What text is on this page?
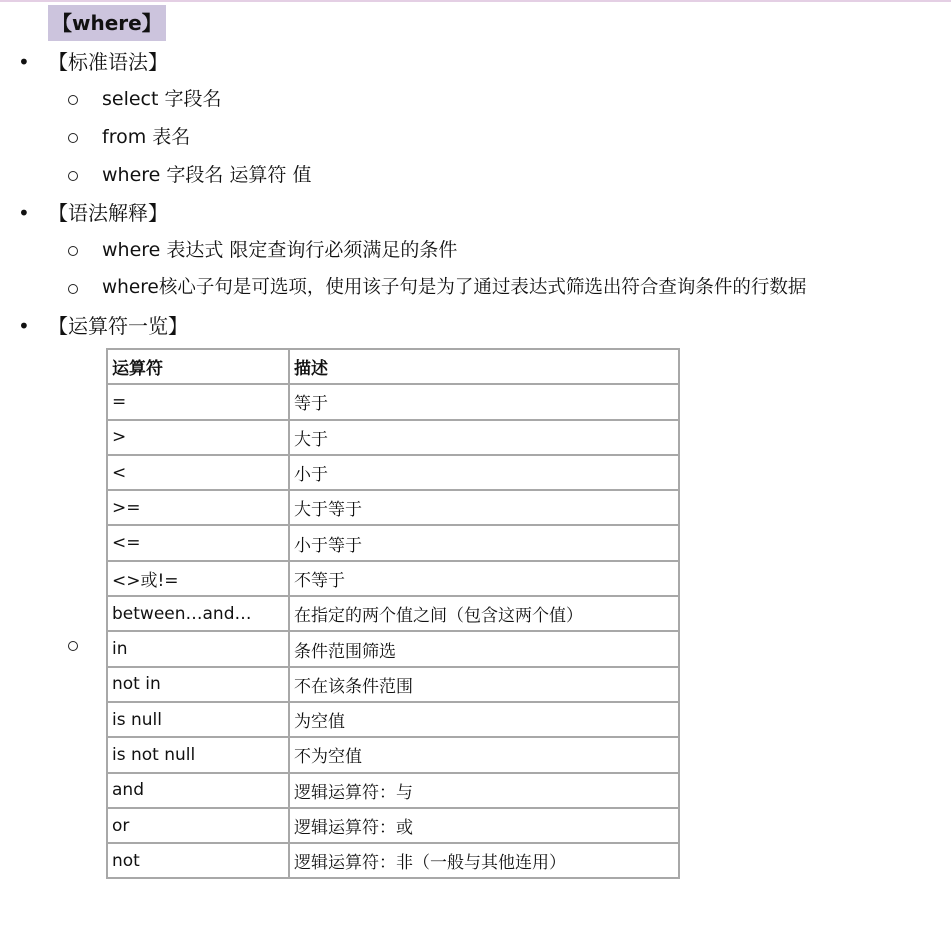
【where】
• 【标准语法】
select 字段名
from 表名
where 字段名 运算符 值
• 【语法解释】
where 表达式 限定查询行必须满足的条件
where核心子句是可选项，使用该子句是为了通过表达式筛选出符合查询条件的行数据
• 【运算符一览】
运算符	描述
=	等于
>	大于
<	小于
>=	大于等于
<=	小于等于
<>或!=	不等于
between…and…	在指定的两个值之间（包含这两个值）
in	条件范围筛选
not in	不在该条件范围
is null	为空值
is not null	不为空值
and	逻辑运算符：与
or	逻辑运算符：或
not	逻辑运算符：非（一般与其他连用）
